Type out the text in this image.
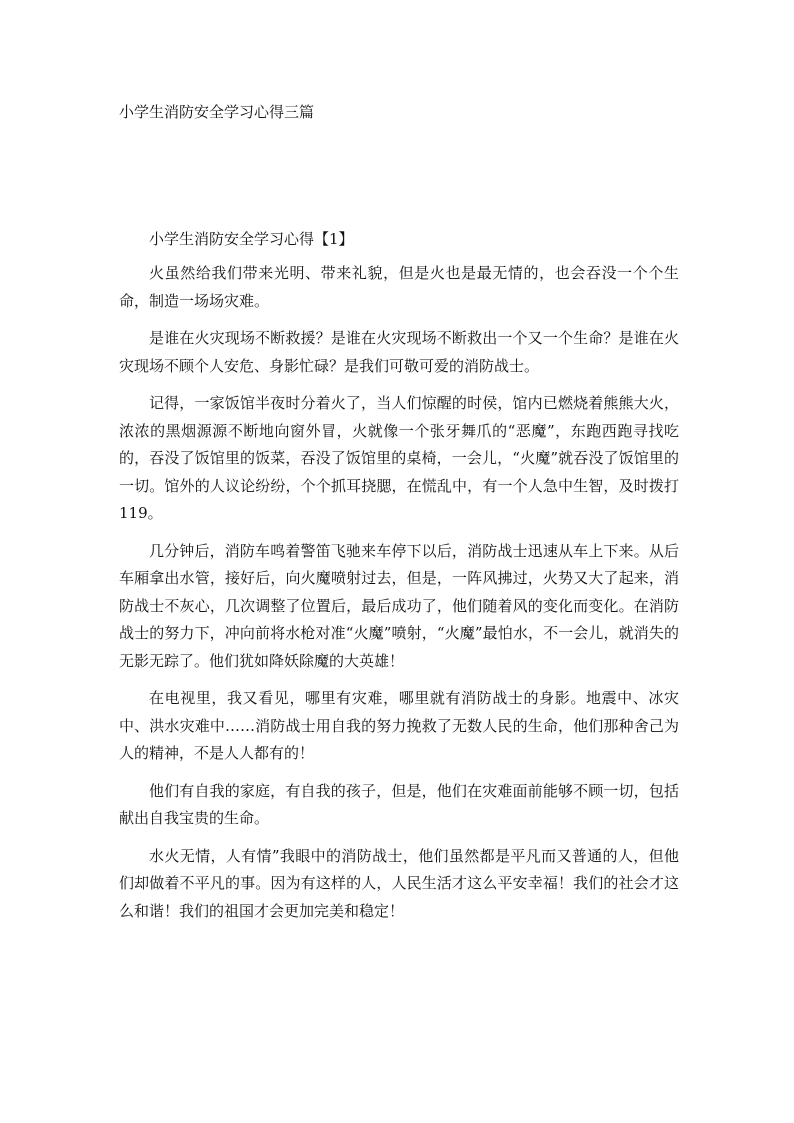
小学生消防安全学习心得三篇
小学生消防安全学习心得【1】

火虽然给我们带来光明、带来礼貌，但是火也是最无情的，也会吞没一个个生命，制造一场场灾难。

是谁在火灾现场不断救援？是谁在火灾现场不断救出一个又一个生命？是谁在火灾现场不顾个人安危、身影忙碌？是我们可敬可爱的消防战士。

记得，一家饭馆半夜时分着火了，当人们惊醒的时侯，馆内已燃烧着熊熊大火，浓浓的黑烟源源不断地向窗外冒，火就像一个张牙舞爪的“恶魔”，东跑西跑寻找吃的，吞没了饭馆里的饭菜，吞没了饭馆里的桌椅，一会儿，“火魔”就吞没了饭馆里的一切。馆外的人议论纷纷，个个抓耳挠腮，在慌乱中，有一个人急中生智，及时拨打119。

几分钟后，消防车鸣着警笛飞驰来车停下以后，消防战士迅速从车上下来。从后车厢拿出水管，接好后，向火魔喷射过去，但是，一阵风拂过，火势又大了起来，消防战士不灰心，几次调整了位置后，最后成功了，他们随着风的变化而变化。在消防战士的努力下，冲向前将水枪对准“火魔”喷射，“火魔”最怕水，不一会儿，就消失的无影无踪了。他们犹如降妖除魔的大英雄！

在电视里，我又看见，哪里有灾难，哪里就有消防战士的身影。地震中、冰灾中、洪水灾难中……消防战士用自我的努力挽救了无数人民的生命，他们那种舍己为人的精神，不是人人都有的！

他们有自我的家庭，有自我的孩子，但是，他们在灾难面前能够不顾一切，包括献出自我宝贵的生命。

水火无情，人有情”我眼中的消防战士，他们虽然都是平凡而又普通的人，但他们却做着不平凡的事。因为有这样的人，人民生活才这么平安幸福！我们的社会才这么和谐！我们的祖国才会更加完美和稳定！
